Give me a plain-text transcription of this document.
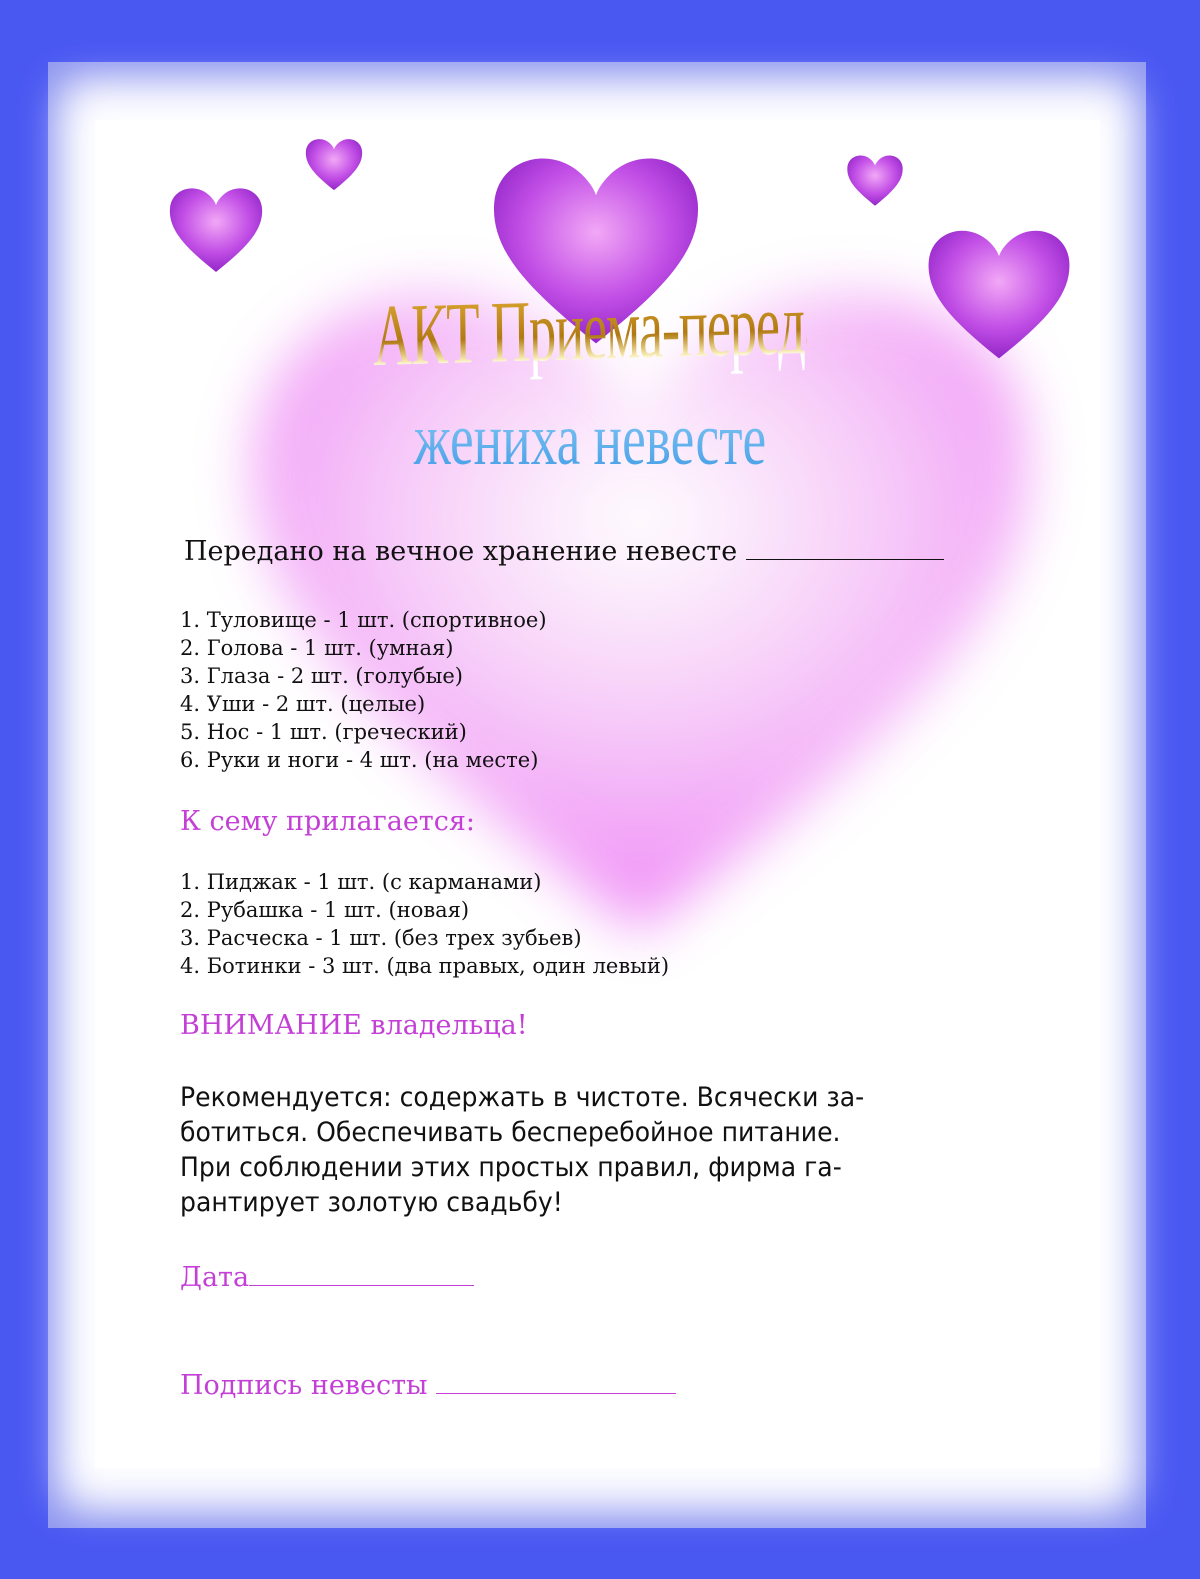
АКТ Приема-передачи
жениха невесте
Передано на вечное хранение невесте
1. Туловище - 1 шт. (спортивное)
2. Голова - 1 шт. (умная)
3. Глаза - 2 шт. (голубые)
4. Уши - 2 шт. (целые)
5. Нос - 1 шт. (греческий)
6. Руки и ноги - 4 шт. (на месте)
К сему прилагается:
1. Пиджак - 1 шт. (с карманами)
2. Рубашка - 1 шт. (новая)
3. Расческа - 1 шт. (без трех зубьев)
4. Ботинки - 3 шт. (два правых, один левый)
ВНИМАНИЕ владельца!
Рекомендуется: содержать в чистоте. Всячески за-
ботиться. Обеспечивать бесперебойное питание.
При соблюдении этих простых правил, фирма га-
рантирует золотую свадьбу!
Дата
Подпись невесты
